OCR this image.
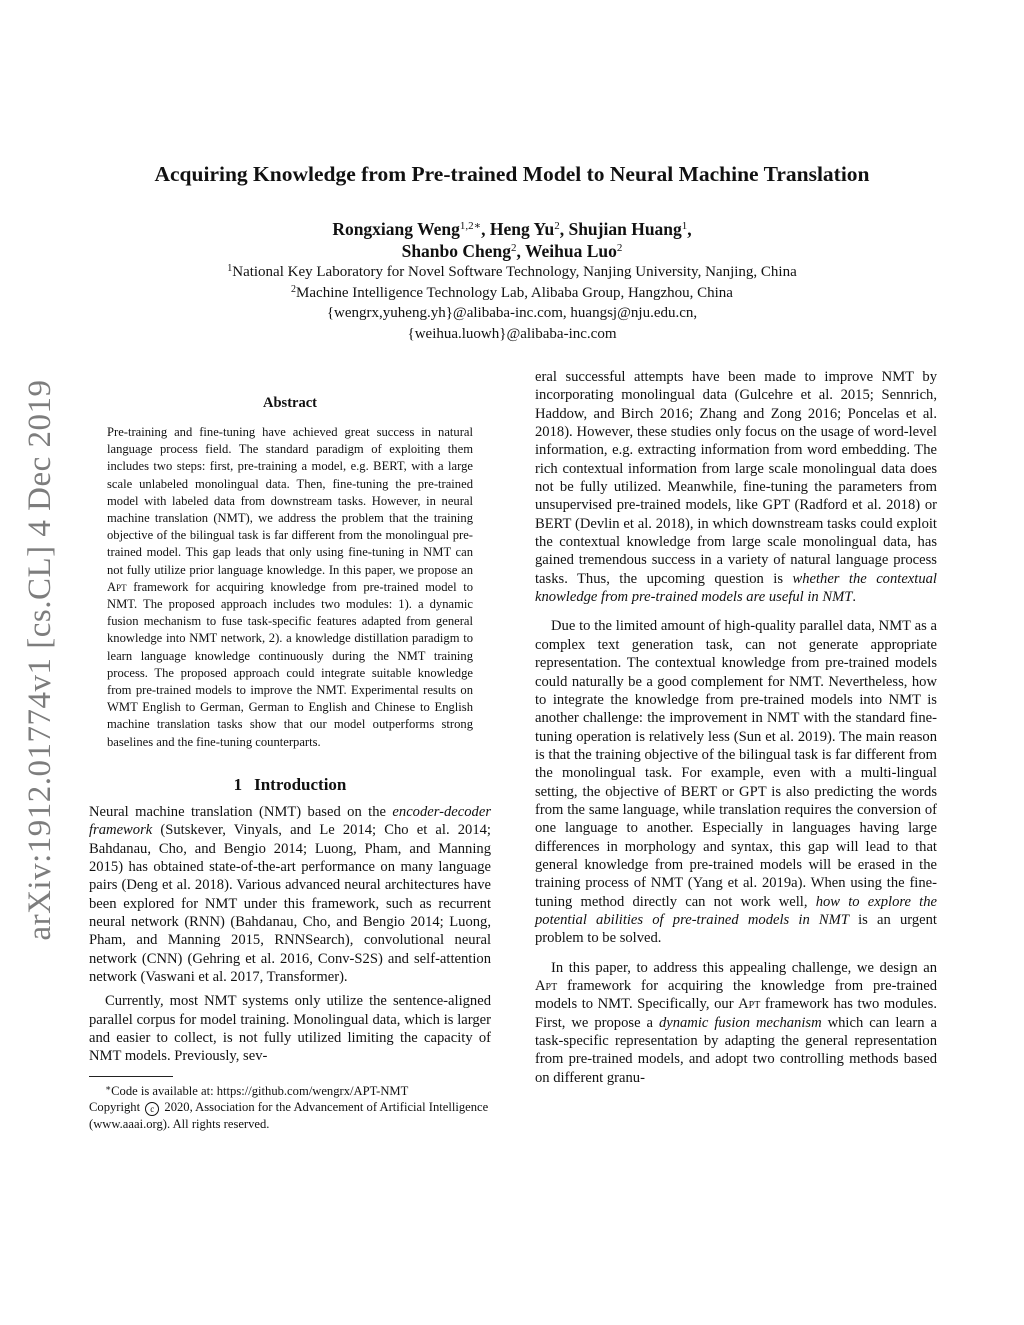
arXiv:1912.01774v1 [cs.CL] 4 Dec 2019
Acquiring Knowledge from Pre-trained Model to Neural Machine Translation
Rongxiang Weng$^{1,2∗}$, Heng Yu$^2$, Shujian Huang$^1$,
Shanbo Cheng$^2$, Weihua Luo$^2$
$^1$National Key Laboratory for Novel Software Technology, Nanjing University, Nanjing, China
$^2$Machine Intelligence Technology Lab, Alibaba Group, Hangzhou, China
{wengrx,yuheng.yh}@alibaba-inc.com, huangsj@nju.edu.cn,
{weihua.luowh}@alibaba-inc.com
Abstract
Pre-training and fine-tuning have achieved great success in natural language process field. The standard paradigm of exploiting them includes two steps: first, pre-training a model, e.g. BERT, with a large scale unlabeled monolingual data. Then, fine-tuning the pre-trained model with labeled data from downstream tasks. However, in neural machine translation (NMT), we address the problem that the training objective of the bilingual task is far different from the monolingual pre-trained model. This gap leads that only using fine-tuning in NMT can not fully utilize prior language knowledge. In this paper, we propose an Apt framework for acquiring knowledge from pre-trained model to NMT. The proposed approach includes two modules: 1). a dynamic fusion mechanism to fuse task-specific features adapted from general knowledge into NMT network, 2). a knowledge distillation paradigm to learn language knowledge continuously during the NMT training process. The proposed approach could integrate suitable knowledge from pre-trained models to improve the NMT. Experimental results on WMT English to German, German to English and Chinese to English machine translation tasks show that our model outperforms strong baselines and the fine-tuning counterparts.
1 Introduction

Neural machine translation (NMT) based on the encoder-decoder framework (Sutskever, Vinyals, and Le 2014; Cho et al. 2014; Bahdanau, Cho, and Bengio 2014; Luong, Pham, and Manning 2015) has obtained state-of-the-art performance on many language pairs (Deng et al. 2018). Various advanced neural architectures have been explored for NMT under this framework, such as recurrent neural network (RNN) (Bahdanau, Cho, and Bengio 2014; Luong, Pham, and Manning 2015, RNNSearch), convolutional neural network (CNN) (Gehring et al. 2016, Conv-S2S) and self-attention network (Vaswani et al. 2017, Transformer).

Currently, most NMT systems only utilize the sentence-aligned parallel corpus for model training. Monolingual data, which is larger and easier to collect, is not fully utilized limiting the capacity of NMT models. Previously, sev-

∗Code is available at: https://github.com/wengrx/APT-NMT
Copyright c 2020, Association for the Advancement of Artificial Intelligence (www.aaai.org). All rights reserved.

eral successful attempts have been made to improve NMT by incorporating monolingual data (Gulcehre et al. 2015; Sennrich, Haddow, and Birch 2016; Zhang and Zong 2016; Poncelas et al. 2018). However, these studies only focus on the usage of word-level information, e.g. extracting information from word embedding. The rich contextual information from large scale monolingual data does not be fully utilized. Meanwhile, fine-tuning the parameters from unsupervised pre-trained models, like GPT (Radford et al. 2018) or BERT (Devlin et al. 2018), in which downstream tasks could exploit the contextual knowledge from large scale monolingual data, has gained tremendous success in a variety of natural language process tasks. Thus, the upcoming question is whether the contextual knowledge from pre-trained models are useful in NMT.

Due to the limited amount of high-quality parallel data, NMT as a complex text generation task, can not generate appropriate representation. The contextual knowledge from pre-trained models could naturally be a good complement for NMT. Nevertheless, how to integrate the knowledge from pre-trained models into NMT is another challenge: the improvement in NMT with the standard fine-tuning operation is relatively less (Sun et al. 2019). The main reason is that the training objective of the bilingual task is far different from the monolingual task. For example, even with a multi-lingual setting, the objective of BERT or GPT is also predicting the words from the same language, while translation requires the conversion of one language to another. Especially in languages having large differences in morphology and syntax, this gap will lead to that general knowledge from pre-trained models will be erased in the training process of NMT (Yang et al. 2019a). When using the fine-tuning method directly can not work well, how to explore the potential abilities of pre-trained models in NMT is an urgent problem to be solved.

In this paper, to address this appealing challenge, we design an Apt framework for acquiring the knowledge from pre-trained models to NMT. Specifically, our Apt framework has two modules. First, we propose a dynamic fusion mechanism which can learn a task-specific representation by adapting the general representation from pre-trained models, and adopt two controlling methods based on different granu-
